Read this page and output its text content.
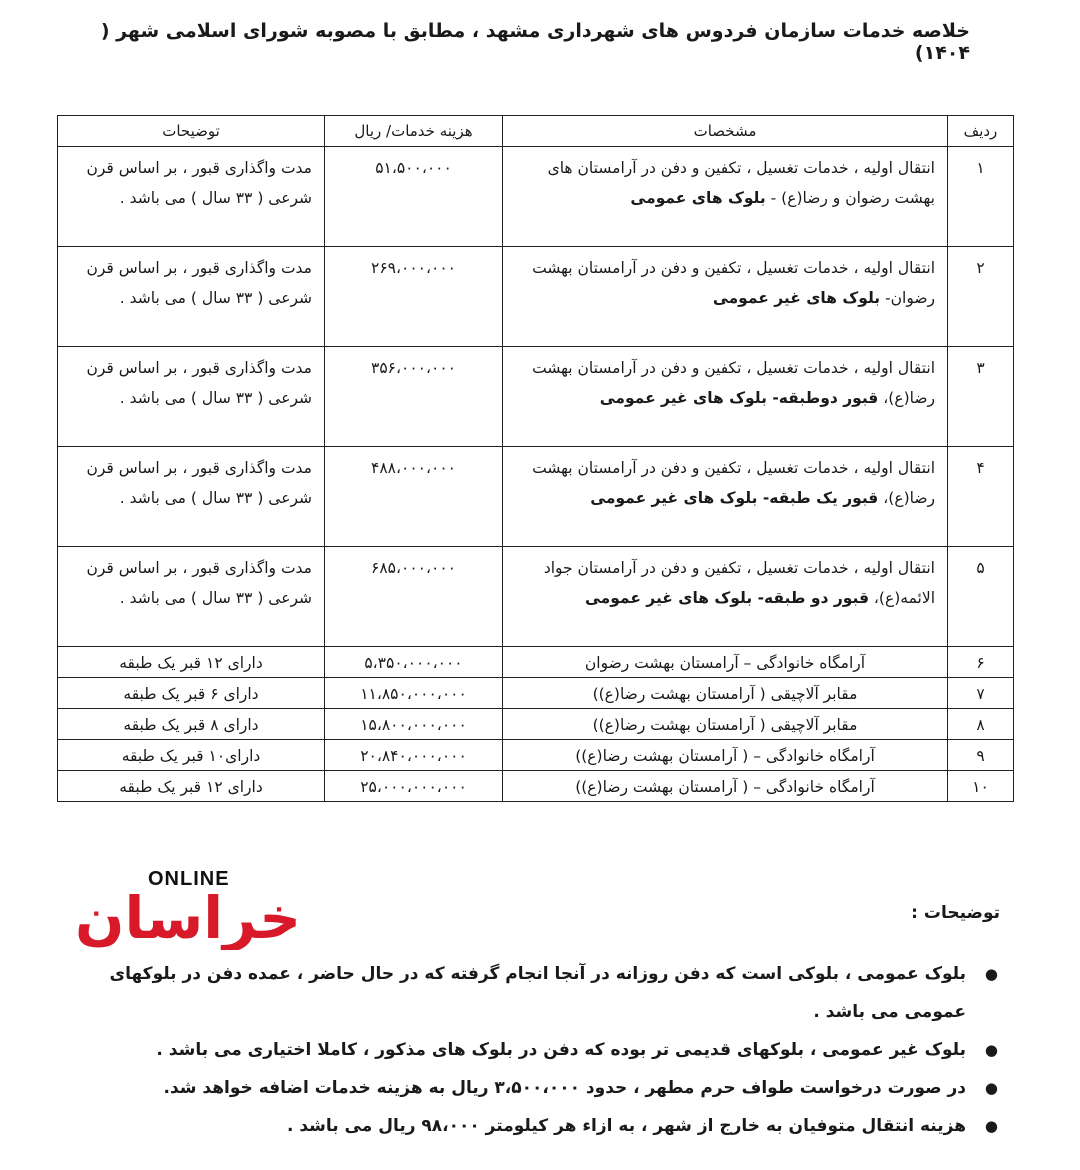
خلاصه خدمات سازمان فردوس های شهرداری مشهد ، مطابق با مصوبه شورای اسلامی شهر ( ۱۴۰۴)
ردیف	مشخصات	هزینه خدمات/ ریال	توضیحات
۱	انتقال اولیه ، خدمات تغسیل ، تکفین و دفن در آرامستان های بهشت رضوان و رضا(ع) - بلوک های عمومی	۵۱،۵۰۰،۰۰۰	مدت واگذاری قبور ، بر اساس قرن شرعی ( ۳۳ سال ) می باشد .
۲	انتقال اولیه ، خدمات تغسیل ، تکفین و دفن در آرامستان بهشت رضوان- بلوک های غیر عمومی	۲۶۹،۰۰۰،۰۰۰	مدت واگذاری قبور ، بر اساس قرن شرعی ( ۳۳ سال ) می باشد .
۳	انتقال اولیه ، خدمات تغسیل ، تکفین و دفن در آرامستان بهشت رضا(ع)، قبور دوطبقه- بلوک های غیر عمومی	۳۵۶،۰۰۰،۰۰۰	مدت واگذاری قبور ، بر اساس قرن شرعی ( ۳۳ سال ) می باشد .
۴	انتقال اولیه ، خدمات تغسیل ، تکفین و دفن در آرامستان بهشت رضا(ع)، قبور یک طبقه- بلوک های غیر عمومی	۴۸۸،۰۰۰،۰۰۰	مدت واگذاری قبور ، بر اساس قرن شرعی ( ۳۳ سال ) می باشد .
۵	انتقال اولیه ، خدمات تغسیل ، تکفین و دفن در آرامستان جواد الائمه(ع)، قبور دو طبقه- بلوک های غیر عمومی	۶۸۵،۰۰۰،۰۰۰	مدت واگذاری قبور ، بر اساس قرن شرعی ( ۳۳ سال ) می باشد .
۶	آرامگاه خانوادگی – آرامستان بهشت رضوان	۵،۳۵۰،۰۰۰،۰۰۰	دارای ۱۲ قبر یک طبقه
۷	مقابر آلاچیقی ( آرامستان بهشت رضا(ع))	۱۱،۸۵۰،۰۰۰،۰۰۰	دارای ۶ قبر یک طبقه
۸	مقابر آلاچیقی ( آرامستان بهشت رضا(ع))	۱۵،۸۰۰،۰۰۰،۰۰۰	دارای ۸ قبر یک طبقه
۹	آرامگاه خانوادگی – ( آرامستان بهشت رضا(ع))	۲۰،۸۴۰،۰۰۰،۰۰۰	دارای۱۰ قبر یک طبقه
۱۰	آرامگاه خانوادگی – ( آرامستان بهشت رضا(ع))	۲۵،۰۰۰،۰۰۰،۰۰۰	دارای ۱۲ قبر یک طبقه
خراسان
ONLINE
توضیحات :
●
بلوک عمومی ، بلوکی است که دفن روزانه در آنجا انجام گرفته که در حال حاضر ، عمده دفن در بلوکهای عمومی می باشد .
●
بلوک غیر عمومی ، بلوکهای قدیمی تر بوده که دفن در بلوک های مذکور ، کاملا اختیاری می باشد .
●
در صورت درخواست طواف حرم مطهر ، حدود ۳،۵۰۰،۰۰۰ ریال به هزینه خدمات اضافه خواهد شد.
●
هزینه انتقال متوفیان به خارج از شهر ، به ازاء هر کیلومتر ۹۸،۰۰۰ ریال می باشد .
